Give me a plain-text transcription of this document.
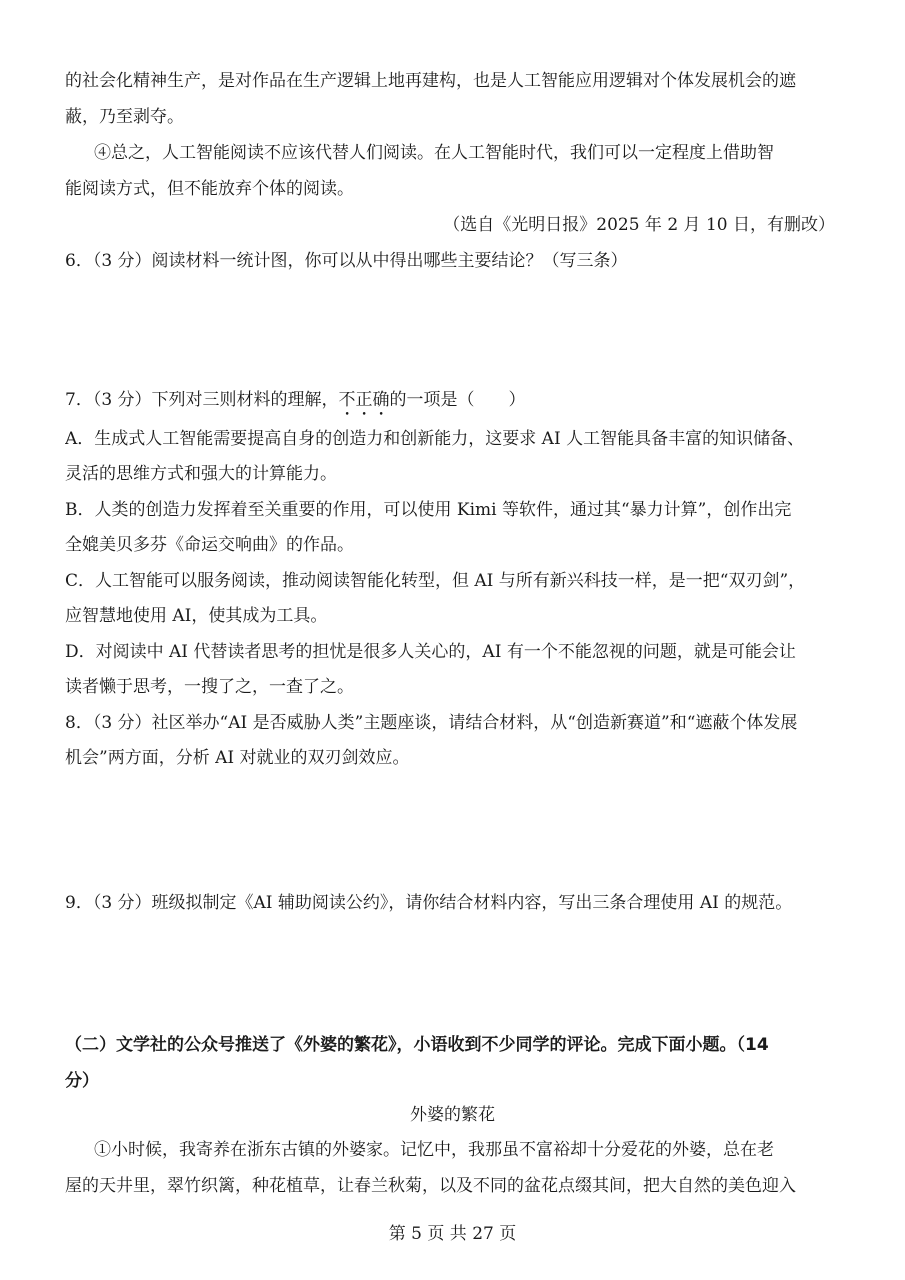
的社会化精神生产，是对作品在生产逻辑上地再建构，也是人工智能应用逻辑对个体发展机会的遮
蔽，乃至剥夺。
④总之，人工智能阅读不应该代替人们阅读。在人工智能时代，我们可以一定程度上借助智
能阅读方式，但不能放弃个体的阅读。
（选自《光明日报》2025 年 2 月 10 日，有删改）
6．（3 分）阅读材料一统计图，你可以从中得出哪些主要结论？（写三条）
7．（3 分）下列对三则材料的理解，不正确的一项是（　　）
A．生成式人工智能需要提高自身的创造力和创新能力，这要求 AI 人工智能具备丰富的知识储备、
灵活的思维方式和强大的计算能力。
B．人类的创造力发挥着至关重要的作用，可以使用 Kimi 等软件，通过其“暴力计算”，创作出完
全媲美贝多芬《命运交响曲》的作品。
C．人工智能可以服务阅读，推动阅读智能化转型，但 AI 与所有新兴科技一样，是一把“双刃剑”，
应智慧地使用 AI，使其成为工具。
D．对阅读中 AI 代替读者思考的担忧是很多人关心的，AI 有一个不能忽视的问题，就是可能会让
读者懒于思考，一搜了之，一查了之。
8．（3 分）社区举办“AI 是否威胁人类”主题座谈，请结合材料，从“创造新赛道”和“遮蔽个体发展
机会”两方面，分析 AI 对就业的双刃剑效应。
9．（3 分）班级拟制定《AI 辅助阅读公约》，请你结合材料内容，写出三条合理使用 AI 的规范。
（二）文学社的公众号推送了《外婆的繁花》，小语收到不少同学的评论。完成下面小题。（14
分）
外婆的繁花
①小时候，我寄养在浙东古镇的外婆家。记忆中，我那虽不富裕却十分爱花的外婆，总在老
屋的天井里，翠竹织篱，种花植草，让春兰秋菊，以及不同的盆花点缀其间，把大自然的美色迎入
第 5 页 共 27 页
